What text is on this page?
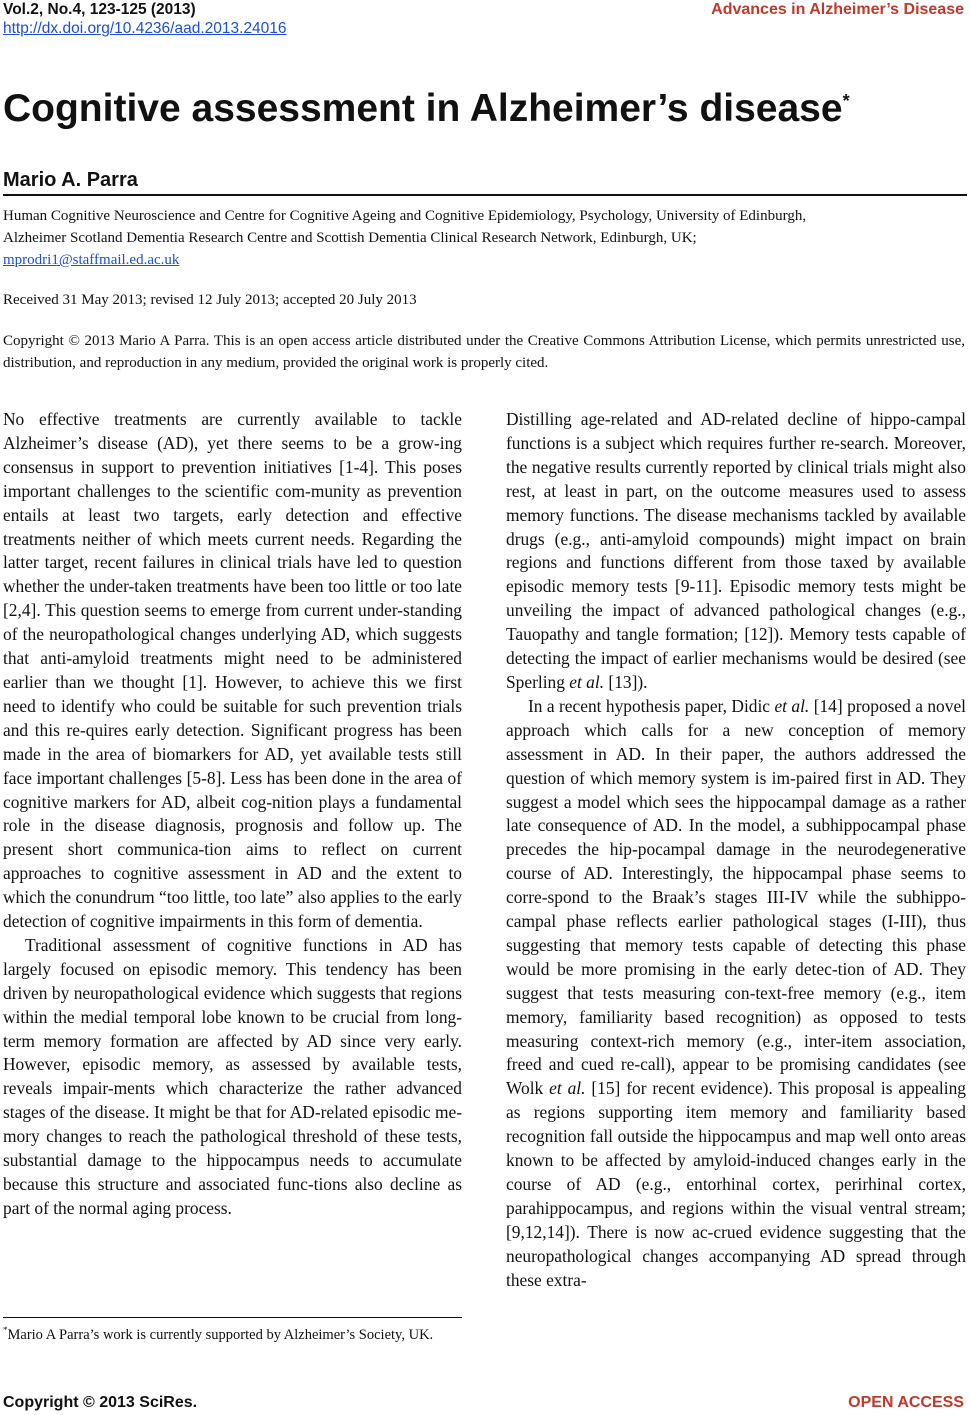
Vol.2, No.4, 123-125 (2013)
http://dx.doi.org/10.4236/aad.2013.24016
Advances in Alzheimer’s Disease
Cognitive assessment in Alzheimer’s disease*
Mario A. Parra
Human Cognitive Neuroscience and Centre for Cognitive Ageing and Cognitive Epidemiology, Psychology, University of Edinburgh,
Alzheimer Scotland Dementia Research Centre and Scottish Dementia Clinical Research Network, Edinburgh, UK;
mprodri1@staffmail.ed.ac.uk
Received 31 May 2013; revised 12 July 2013; accepted 20 July 2013
Copyright © 2013 Mario A Parra. This is an open access article distributed under the Creative Commons Attribution License, which permits unrestricted use, distribution, and reproduction in any medium, provided the original work is properly cited.

No effective treatments are currently available to tackle Alzheimer’s disease (AD), yet there seems to be a grow-ing consensus in support to prevention initiatives [1-4]. This poses important challenges to the scientific com-munity as prevention entails at least two targets, early detection and effective treatments neither of which meets current needs. Regarding the latter target, recent failures in clinical trials have led to question whether the under-taken treatments have been too little or too late [2,4]. This question seems to emerge from current under-standing of the neuropathological changes underlying AD, which suggests that anti-amyloid treatments might need to be administered earlier than we thought [1]. However, to achieve this we first need to identify who could be suitable for such prevention trials and this re-quires early detection. Significant progress has been made in the area of biomarkers for AD, yet available tests still face important challenges [5-8]. Less has been done in the area of cognitive markers for AD, albeit cog-nition plays a fundamental role in the disease diagnosis, prognosis and follow up. The present short communica-tion aims to reflect on current approaches to cognitive assessment in AD and the extent to which the conundrum “too little, too late” also applies to the early detection of cognitive impairments in this form of dementia.

Traditional assessment of cognitive functions in AD has largely focused on episodic memory. This tendency has been driven by neuropathological evidence which suggests that regions within the medial temporal lobe known to be crucial from long-term memory formation are affected by AD since very early. However, episodic memory, as assessed by available tests, reveals impair-ments which characterize the rather advanced stages of the disease. It might be that for AD-related episodic me-mory changes to reach the pathological threshold of these tests, substantial damage to the hippocampus needs to accumulate because this structure and associated func-tions also decline as part of the normal aging process.

Distilling age-related and AD-related decline of hippo-campal functions is a subject which requires further re-search. Moreover, the negative results currently reported by clinical trials might also rest, at least in part, on the outcome measures used to assess memory functions. The disease mechanisms tackled by available drugs (e.g., anti-amyloid compounds) might impact on brain regions and functions different from those taxed by available episodic memory tests [9-11]. Episodic memory tests might be unveiling the impact of advanced pathological changes (e.g., Tauopathy and tangle formation; [12]). Memory tests capable of detecting the impact of earlier mechanisms would be desired (see Sperling et al. [13]).

In a recent hypothesis paper, Didic et al. [14] proposed a novel approach which calls for a new conception of memory assessment in AD. In their paper, the authors addressed the question of which memory system is im-paired first in AD. They suggest a model which sees the hippocampal damage as a rather late consequence of AD. In the model, a subhippocampal phase precedes the hip-pocampal damage in the neurodegenerative course of AD. Interestingly, the hippocampal phase seems to corre-spond to the Braak’s stages III-IV while the subhippo-campal phase reflects earlier pathological stages (I-III), thus suggesting that memory tests capable of detecting this phase would be more promising in the early detec-tion of AD. They suggest that tests measuring con-text-free memory (e.g., item memory, familiarity based recognition) as opposed to tests measuring context-rich memory (e.g., inter-item association, freed and cued re-call), appear to be promising candidates (see Wolk et al. [15] for recent evidence). This proposal is appealing as regions supporting item memory and familiarity based recognition fall outside the hippocampus and map well onto areas known to be affected by amyloid-induced changes early in the course of AD (e.g., entorhinal cortex, perirhinal cortex, parahippocampus, and regions within the visual ventral stream; [9,12,14]). There is now ac-crued evidence suggesting that the neuropathological changes accompanying AD spread through these extra-

*Mario A Parra’s work is currently supported by Alzheimer’s Society, UK.
Copyright © 2013 SciRes.	OPEN ACCESS
